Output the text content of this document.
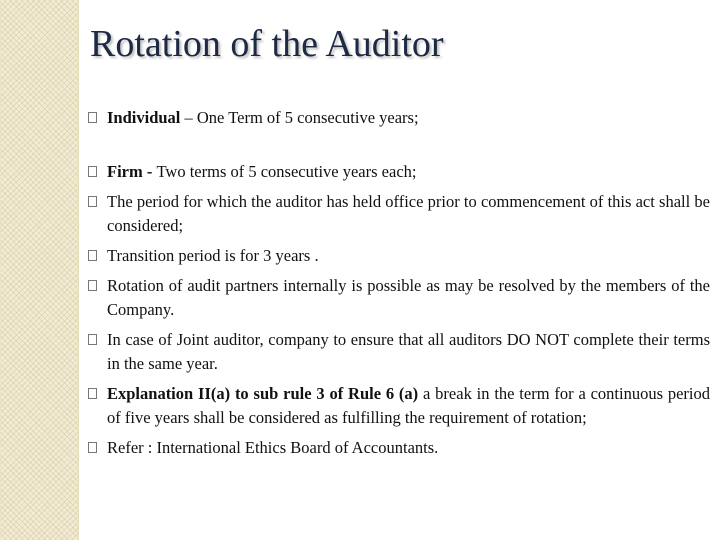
Rotation of the Auditor
Individual – One Term of 5 consecutive years;
Firm - Two terms of 5 consecutive years each;
The period for which the auditor has held office prior to commencement of this act shall be considered;
Transition period is for 3 years .
Rotation of audit partners internally is possible as may be resolved by the members of the Company.
In case of Joint auditor, company to ensure that all auditors DO NOT complete their terms in the same year.
Explanation II(a) to sub rule 3 of Rule 6 (a) a break in the term for a continuous period of five years shall be considered as fulfilling the requirement of rotation;
Refer : International Ethics Board of Accountants.
